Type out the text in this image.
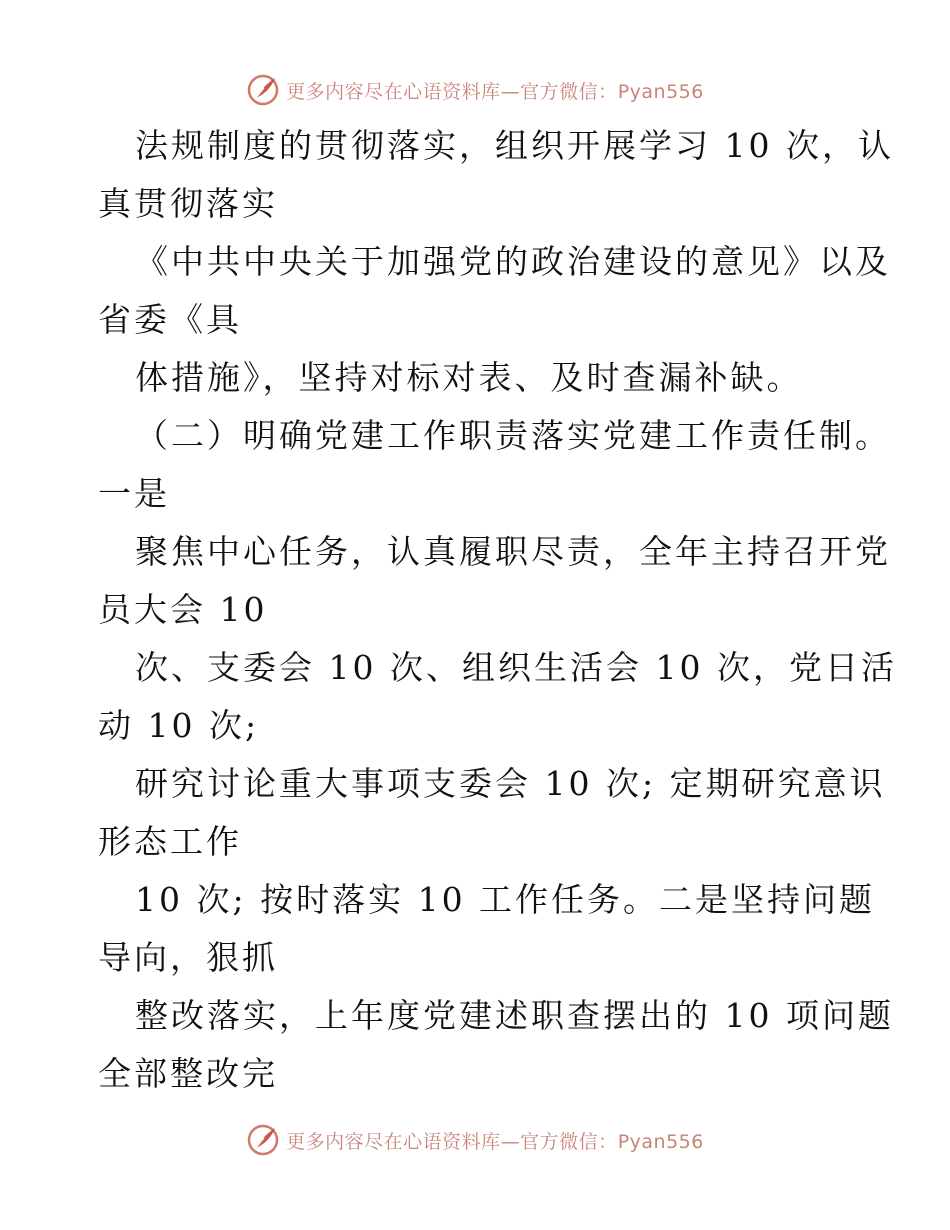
更多内容尽在心语资料库—官方微信：Pyan556
法规制度的贯彻落实，组织开展学习 10 次，认
真贯彻落实
《中共中央关于加强党的政治建设的意见》以及
省委《具
体措施》，坚持对标对表、及时查漏补缺。
（二）明确党建工作职责落实党建工作责任制。
一是
聚焦中心任务，认真履职尽责，全年主持召开党
员大会 10
次、支委会 10 次、组织生活会 10 次，党日活
动 10 次;
研究讨论重大事项支委会 10 次; 定期研究意识
形态工作
10 次; 按时落实 10 工作任务。二是坚持问题
导向，狠抓
整改落实，上年度党建述职查摆出的 10 项问题
全部整改完
更多内容尽在心语资料库—官方微信：Pyan556
